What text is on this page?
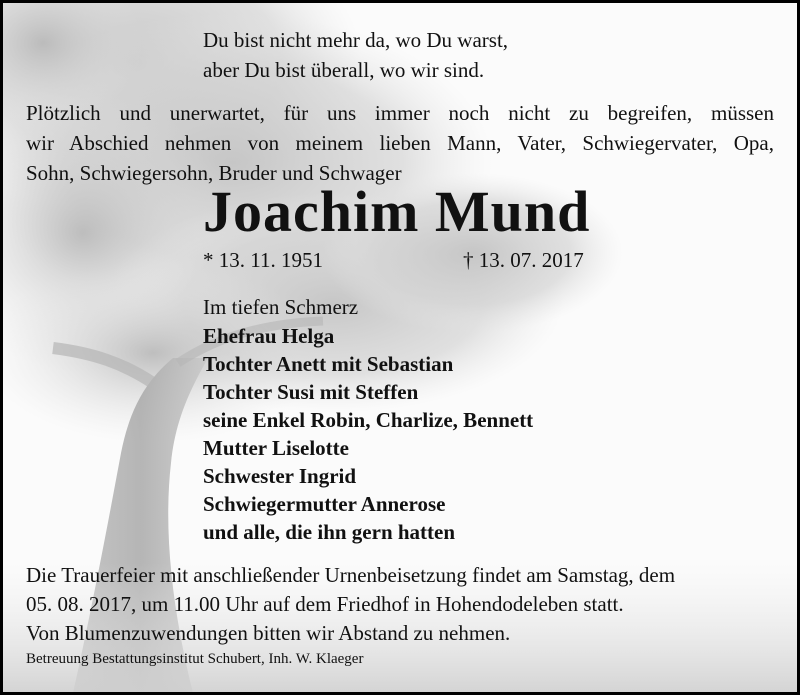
Du bist nicht mehr da, wo Du warst,
aber Du bist überall, wo wir sind.
Plötzlich und unerwartet, für uns immer noch nicht zu begreifen, müssen
wir Abschied nehmen von meinem lieben Mann, Vater, Schwiegervater, Opa,
Sohn, Schwiegersohn, Bruder und Schwager
Joachim Mund
* 13. 11. 1951	† 13. 07. 2017
Im tiefen Schmerz
Ehefrau Helga
Tochter Anett mit Sebastian
Tochter Susi mit Steffen
seine Enkel Robin, Charlize, Bennett
Mutter Liselotte
Schwester Ingrid
Schwiegermutter Annerose
und alle, die ihn gern hatten
Die Trauerfeier mit anschließender Urnenbeisetzung findet am Samstag, dem
05. 08. 2017, um 11.00 Uhr auf dem Friedhof in Hohendodeleben statt.
Von Blumenzuwendungen bitten wir Abstand zu nehmen.
Betreuung Bestattungsinstitut Schubert, Inh. W. Klaeger
